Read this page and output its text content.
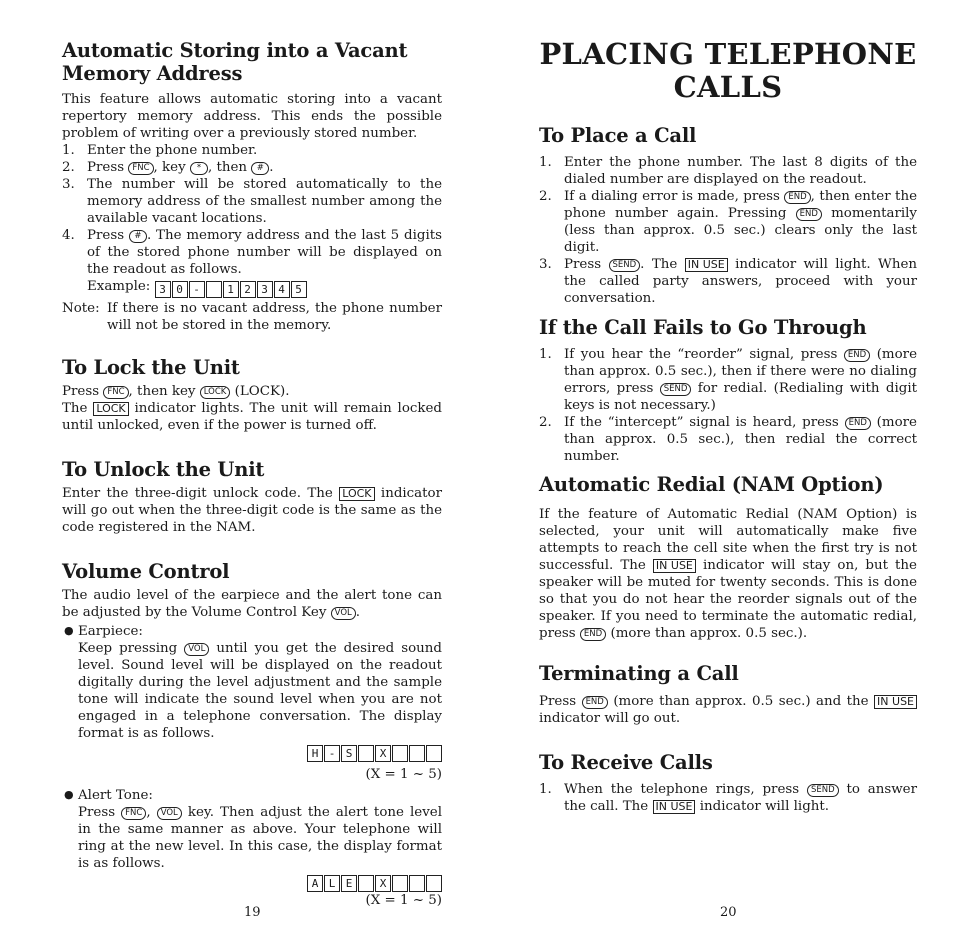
Automatic Storing into a Vacant
Memory Address

This feature allows automatic storing into a vacant repertory memory address. This ends the possible problem of writing over a previously stored number.

1. Enter the phone number.
2. Press FNC , key * , then # .
3. The number will be stored automatically to the memory address of the smallest number among the available vacant locations.
4. Press # . The memory address and the last 5 digits of the stored phone number will be displayed on the readout as follows.
Example: 3 0 -	1 2 3 4 5

Note: If there is no vacant address, the phone number will not be stored in the memory.

To Lock the Unit

Press FNC , then key LOCK (LOCK).
The LOCK indicator lights. The unit will remain locked until unlocked, even if the power is turned off.

To Unlock the Unit

Enter the three-digit unlock code. The LOCK indicator will go out when the three-digit code is the same as the code registered in the NAM.

Volume Control

The audio level of the earpiece and the alert tone can be adjusted by the Volume Control Key VOL .

● Earpiece:

Keep pressing VOL until you get the desired sound level. Sound level will be displayed on the readout digitally during the level adjustment and the sample tone will indicate the sound level when you are not engaged in a telephone conversation. The display format is as follows.

H - S	X
(X = 1 ~ 5)
● Alert Tone:

Press FNC , VOL key. Then adjust the alert tone level in the same manner as above. Your telephone will ring at the new level. In this case, the display format is as follows.

A L E	X
(X = 1 ~ 5)
19
PLACING TELEPHONE
CALLS
To Place a Call
1. Enter the phone number. The last 8 digits of the dialed number are displayed on the readout.
2. If a dialing error is made, press END , then enter the phone number again. Pressing END momentarily (less than approx. 0.5 sec.) clears only the last digit.
3. Press SEND . The IN USE indicator will light. When the called party answers, proceed with your conversation.
If the Call Fails to Go Through
1. If you hear the “reorder” signal, press END (more than approx. 0.5 sec.), then if there were no dialing errors, press SEND for redial. (Redialing with digit keys is not necessary.)
2. If the “intercept” signal is heard, press END (more than approx. 0.5 sec.), then redial the correct number.
Automatic Redial (NAM Option)

If the feature of Automatic Redial (NAM Option) is selected, your unit will automatically make five attempts to reach the cell site when the first try is not successful. The IN USE indicator will stay on, but the speaker will be muted for twenty seconds. This is done so that you do not hear the reorder signals out of the speaker. If you need to terminate the automatic redial, press END (more than approx. 0.5 sec.).

Terminating a Call

Press END (more than approx. 0.5 sec.) and the IN USE indicator will go out.

To Receive Calls
1. When the telephone rings, press SEND to answer the call. The IN USE indicator will light.
20
